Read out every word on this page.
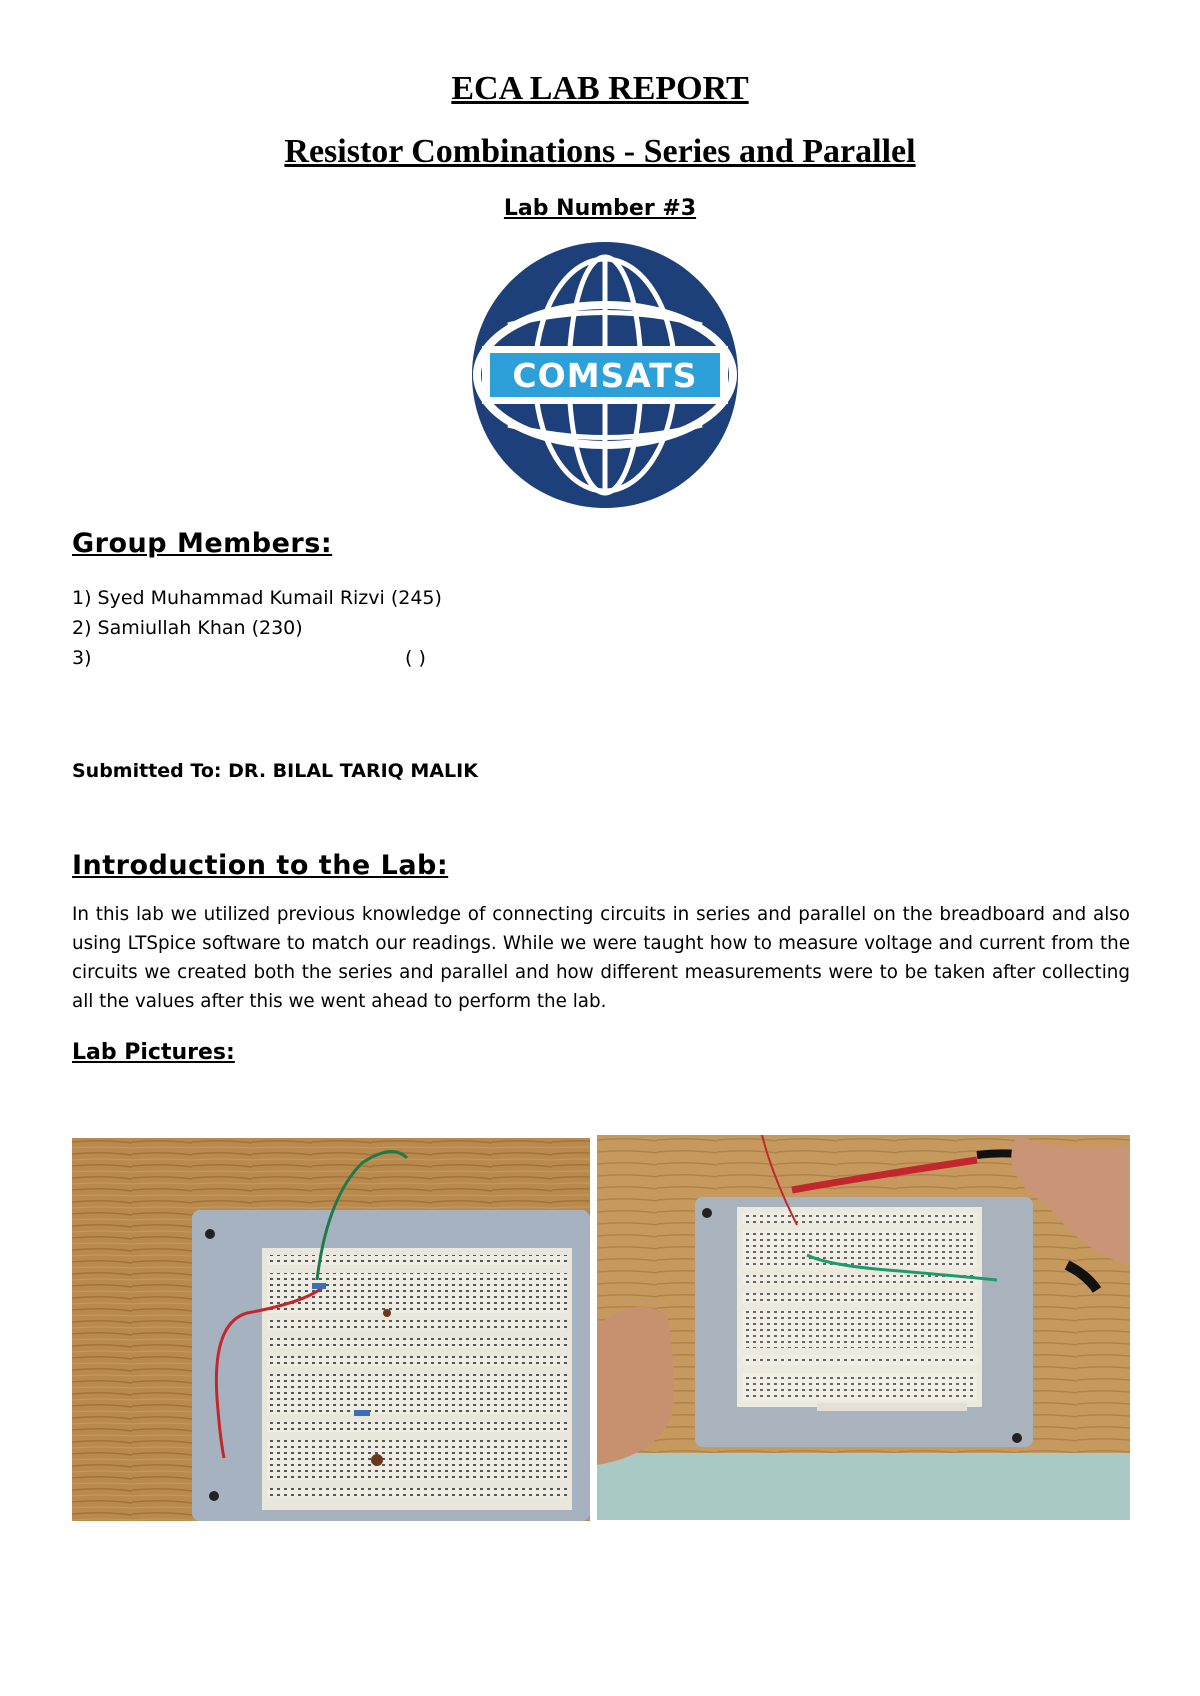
ECA LAB REPORT
Resistor Combinations - Series and Parallel
Lab Number #3
COMSATS
Group Members:
1) Syed Muhammad Kumail Rizvi (245)
2) Samiullah Khan (230)
3)	( )

Submitted To: DR. BILAL TARIQ MALIK

Introduction to the Lab:

In this lab we utilized previous knowledge of connecting circuits in series and parallel on the breadboard and also using LTSpice software to match our readings. While we were taught how to measure voltage and current from the circuits we created both the series and parallel and how different measurements were to be taken after collecting all the values after this we went ahead to perform the lab.

Lab Pictures:
